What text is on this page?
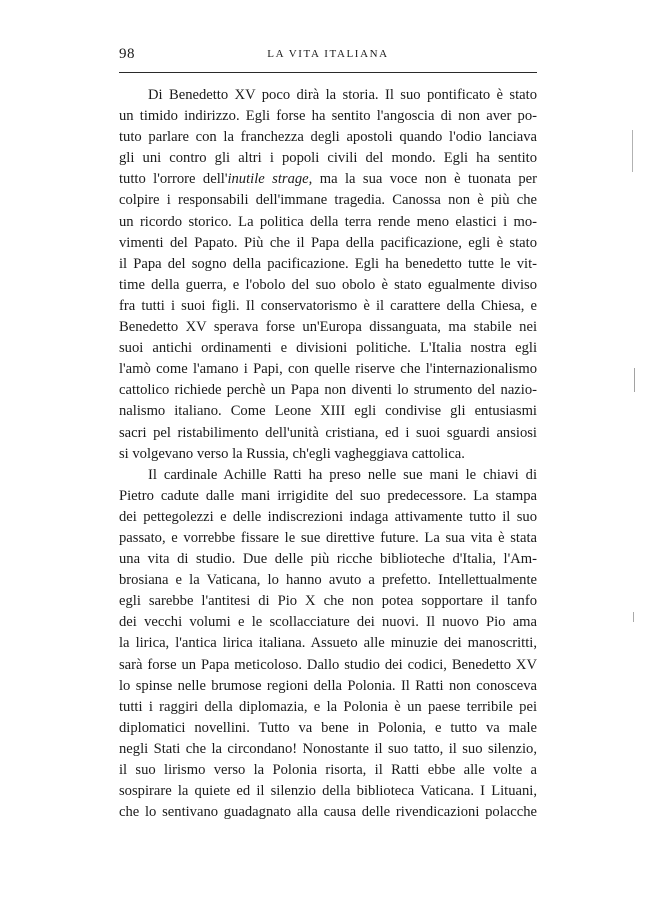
98	LA VITA ITALIANA
Di Benedetto XV poco dirà la storia. Il suo pontificato è stato
un timido indirizzo. Egli forse ha sentito l'angoscia di non aver po-
tuto parlare con la franchezza degli apostoli quando l'odio lanciava
gli uni contro gli altri i popoli civili del mondo. Egli ha sentito
tutto l'orrore dell'inutile strage, ma la sua voce non è tuonata per
colpire i responsabili dell'immane tragedia. Canossa non è più che
un ricordo storico. La politica della terra rende meno elastici i mo-
vimenti del Papato. Più che il Papa della pacificazione, egli è stato
il Papa del sogno della pacificazione. Egli ha benedetto tutte le vit-
time della guerra, e l'obolo del suo obolo è stato egualmente diviso
fra tutti i suoi figli. Il conservatorismo è il carattere della Chiesa, e
Benedetto XV sperava forse un'Europa dissanguata, ma stabile nei
suoi antichi ordinamenti e divisioni politiche. L'Italia nostra egli
l'amò come l'amano i Papi, con quelle riserve che l'internazionalismo
cattolico richiede perchè un Papa non diventi lo strumento del nazio-
nalismo italiano. Come Leone XIII egli condivise gli entusiasmi
sacri pel ristabilimento dell'unità cristiana, ed i suoi sguardi ansiosi
si volgevano verso la Russia, ch'egli vagheggiava cattolica.
Il cardinale Achille Ratti ha preso nelle sue mani le chiavi di
Pietro cadute dalle mani irrigidite del suo predecessore. La stampa
dei pettegolezzi e delle indiscrezioni indaga attivamente tutto il suo
passato, e vorrebbe fissare le sue direttive future. La sua vita è stata
una vita di studio. Due delle più ricche biblioteche d'Italia, l'Am-
brosiana e la Vaticana, lo hanno avuto a prefetto. Intellettualmente
egli sarebbe l'antitesi di Pio X che non potea sopportare il tanfo
dei vecchi volumi e le scollacciature dei nuovi. Il nuovo Pio ama
la lirica, l'antica lirica italiana. Assueto alle minuzie dei manoscritti,
sarà forse un Papa meticoloso. Dallo studio dei codici, Benedetto XV
lo spinse nelle brumose regioni della Polonia. Il Ratti non conosceva
tutti i raggiri della diplomazia, e la Polonia è un paese terribile pei
diplomatici novellini. Tutto va bene in Polonia, e tutto va male
negli Stati che la circondano! Nonostante il suo tatto, il suo silenzio,
il suo lirismo verso la Polonia risorta, il Ratti ebbe alle volte a
sospirare la quiete ed il silenzio della biblioteca Vaticana. I Lituani,
che lo sentivano guadagnato alla causa delle rivendicazioni polacche
